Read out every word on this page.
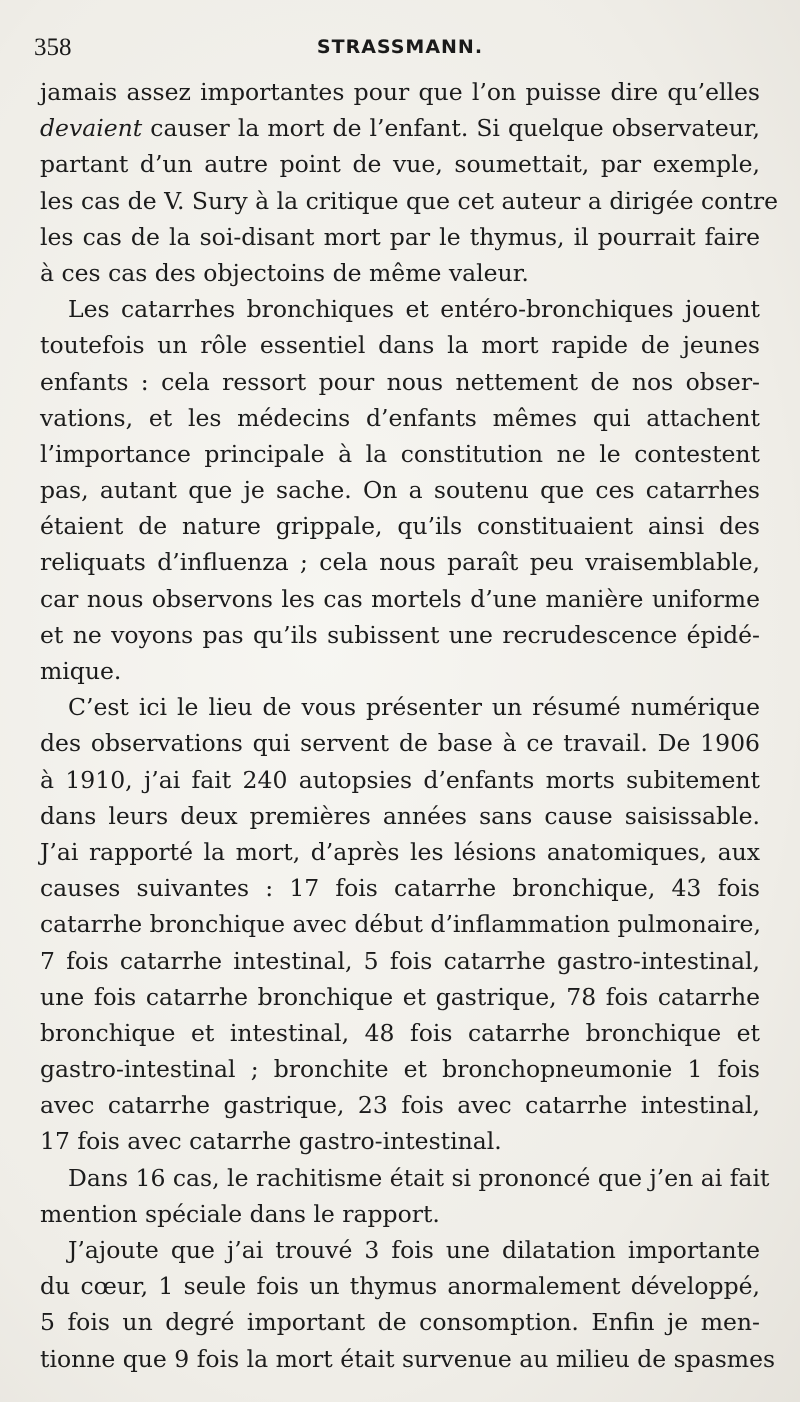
358	STRASSMANN.
jamais assez importantes pour que l’on puisse dire qu’elles
devaient causer la mort de l’enfant. Si quelque observateur,
partant d’un autre point de vue, soumettait, par exemple,
les cas de V. Sury à la critique que cet auteur a dirigée contre
les cas de la soi-disant mort par le thymus, il pourrait faire
à ces cas des objectoins de même valeur.
Les catarrhes bronchiques et entéro-bronchiques jouent
toutefois un rôle essentiel dans la mort rapide de jeunes
enfants : cela ressort pour nous nettement de nos obser-
vations, et les médecins d’enfants mêmes qui attachent
l’importance principale à la constitution ne le contestent
pas, autant que je sache. On a soutenu que ces catarrhes
étaient de nature grippale, qu’ils constituaient ainsi des
reliquats d’influenza ; cela nous paraît peu vraisemblable,
car nous observons les cas mortels d’une manière uniforme
et ne voyons pas qu’ils subissent une recrudescence épidé-
mique.
C’est ici le lieu de vous présenter un résumé numérique
des observations qui servent de base à ce travail. De 1906
à 1910, j’ai fait 240 autopsies d’enfants morts subitement
dans leurs deux premières années sans cause saisissable.
J’ai rapporté la mort, d’après les lésions anatomiques, aux
causes suivantes : 17 fois catarrhe bronchique, 43 fois
catarrhe bronchique avec début d’inflammation pulmonaire,
7 fois catarrhe intestinal, 5 fois catarrhe gastro-intestinal,
une fois catarrhe bronchique et gastrique, 78 fois catarrhe
bronchique et intestinal, 48 fois catarrhe bronchique et
gastro-intestinal ; bronchite et bronchopneumonie 1 fois
avec catarrhe gastrique, 23 fois avec catarrhe intestinal,
17 fois avec catarrhe gastro-intestinal.
Dans 16 cas, le rachitisme était si prononcé que j’en ai fait
mention spéciale dans le rapport.
J’ajoute que j’ai trouvé 3 fois une dilatation importante
du cœur, 1 seule fois un thymus anormalement développé,
5 fois un degré important de consomption. Enfin je men-
tionne que 9 fois la mort était survenue au milieu de spasmes
